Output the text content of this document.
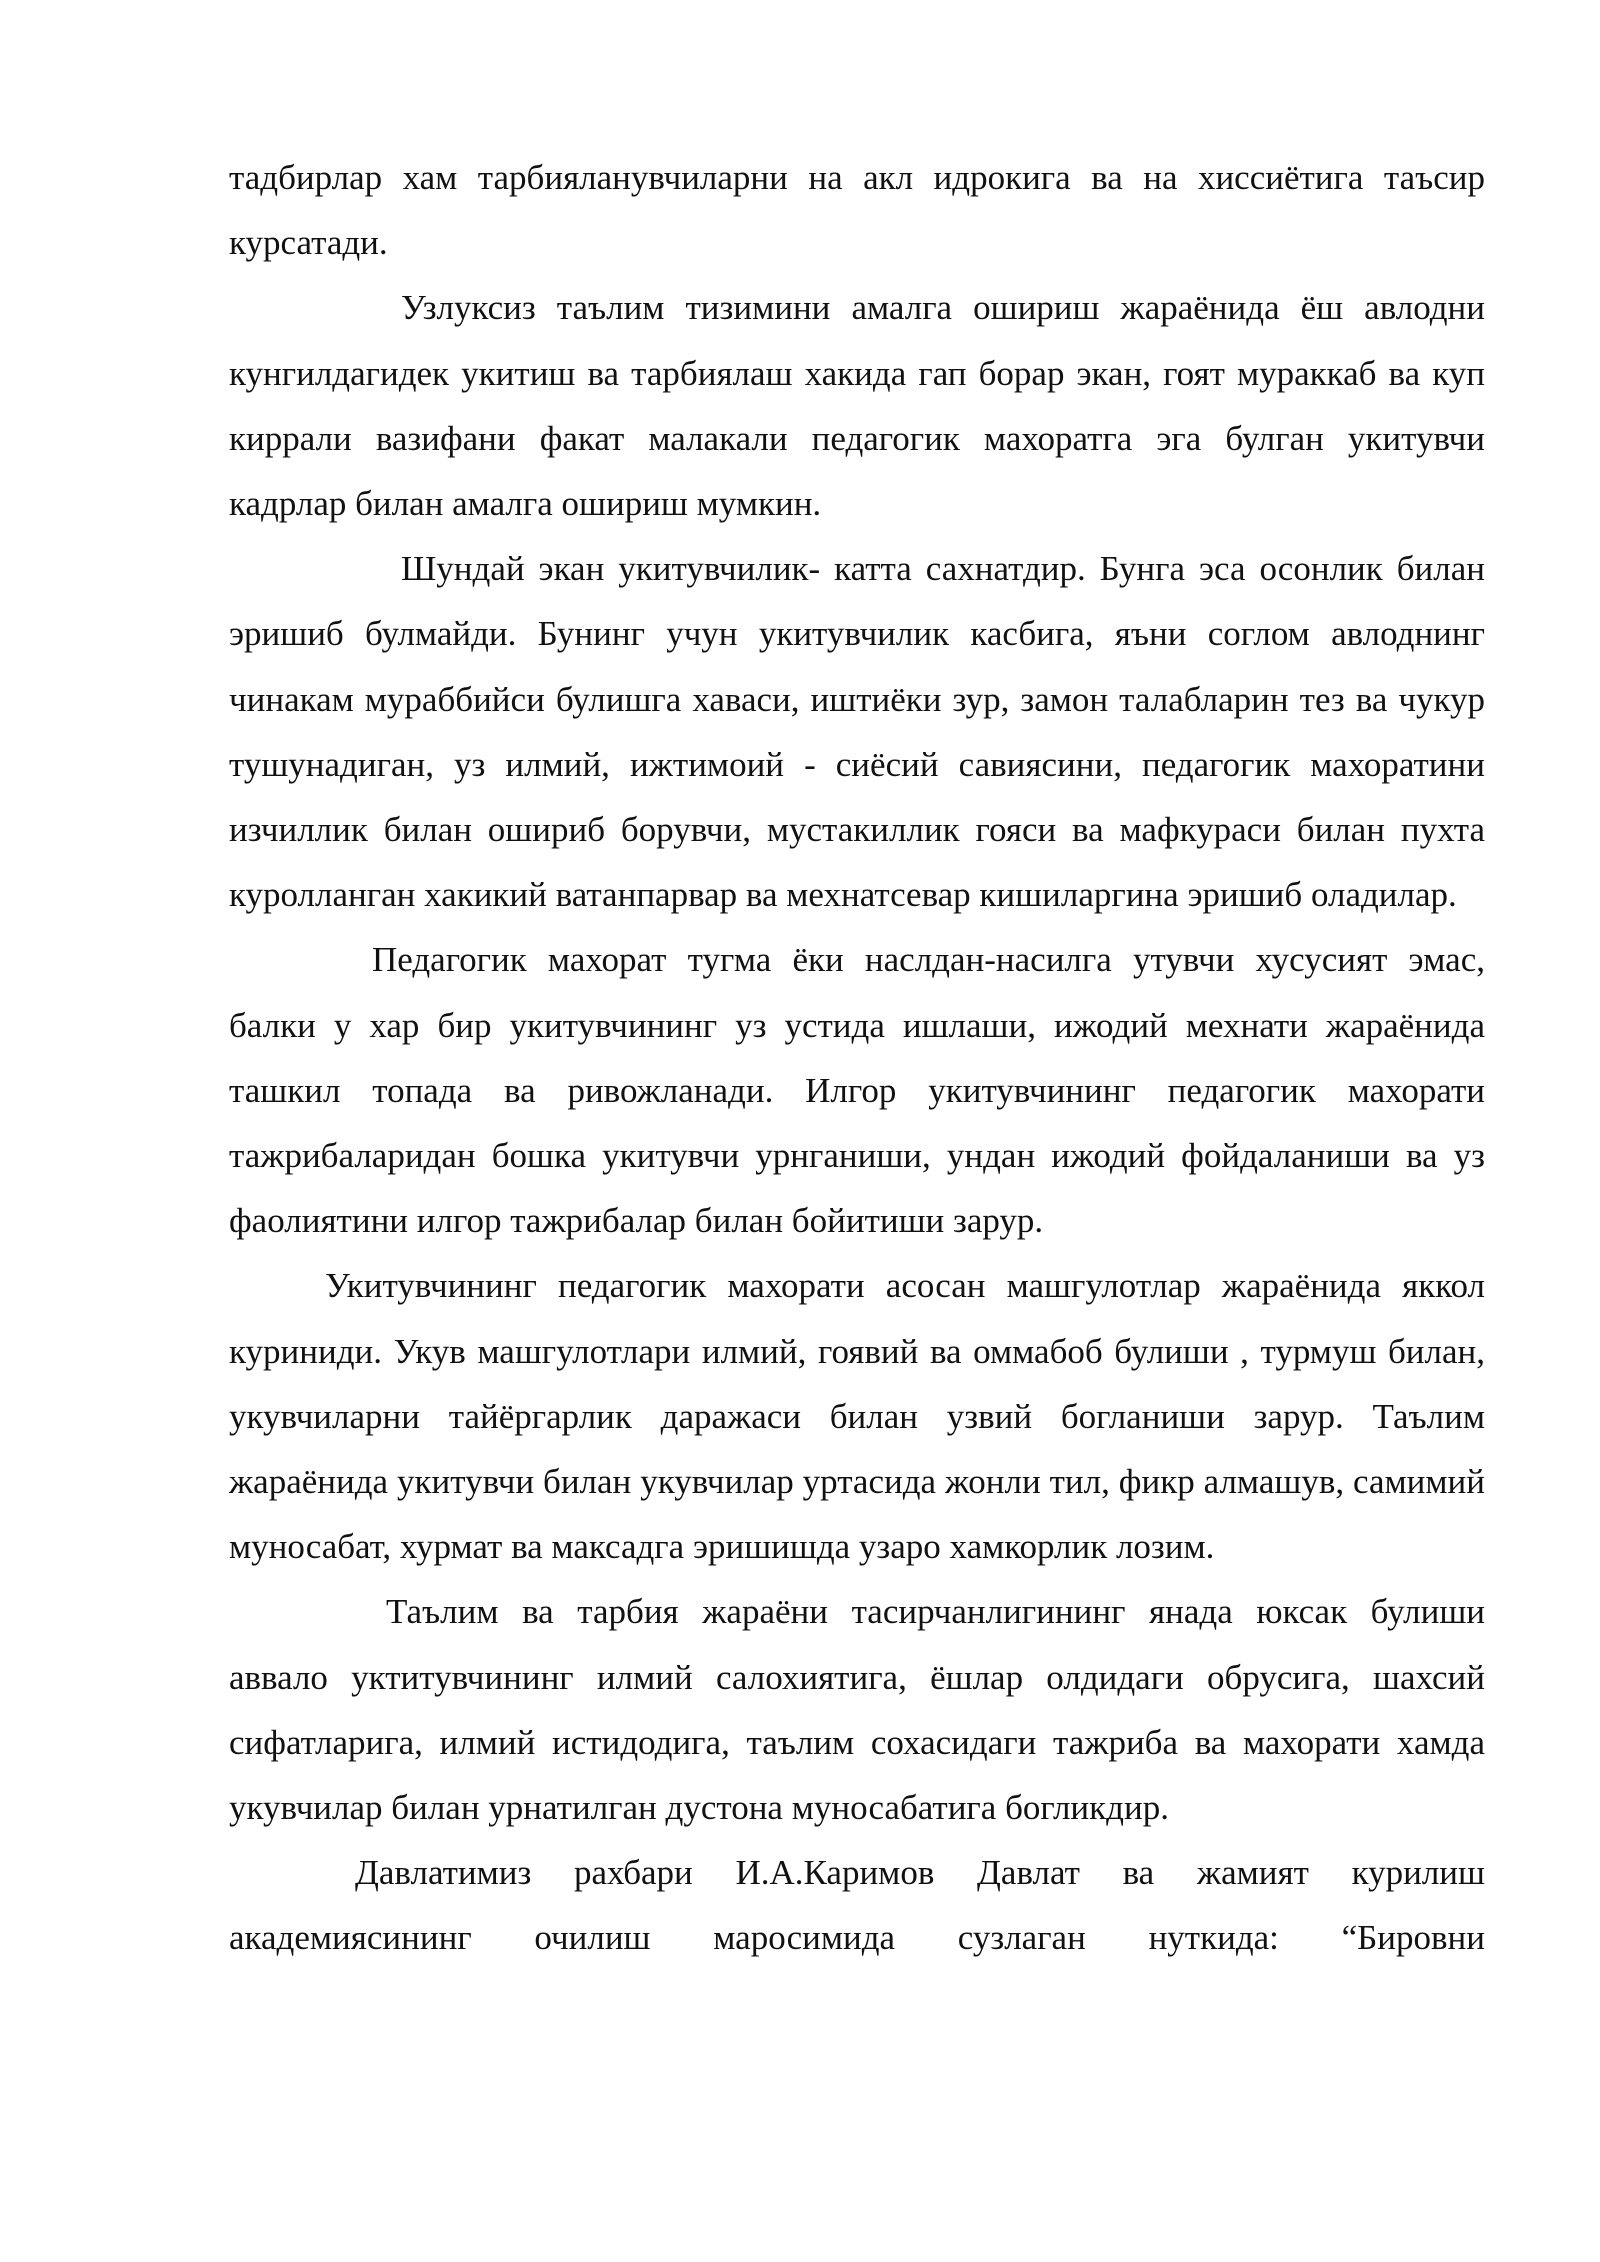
тадбирлар хам тарбияланувчиларни на акл идрокига ва на хиссиётига таъсир курсатади.

Узлуксиз таълим тизимини амалга ошириш жараёнида ёш авлодни кунгилдагидек укитиш ва тарбиялаш хакида гап борар экан, гоят мураккаб ва куп киррали вазифани факат малакали педагогик махоратга эга булган укитувчи кадрлар билан амалга ошириш мумкин.

Шундай экан укитувчилик- катта сахнатдир. Бунга эса осонлик билан эришиб булмайди. Бунинг учун укитувчилик касбига, яъни соглом авлоднинг чинакам мураббийси булишга хаваси, иштиёки зур, замон талабларин тез ва чукур тушунадиган, уз илмий, ижтимоий - сиёсий савиясини, педагогик махоратини изчиллик билан ошириб борувчи, мустакиллик гояси ва мафкураси билан пухта куролланган хакикий ватанпарвар ва мехнатсевар кишиларгина эришиб оладилар.

Педагогик махорат тугма ёки наслдан-насилга утувчи хусусият эмас, балки у хар бир укитувчининг уз устида ишлаши, ижодий мехнати жараёнида ташкил топада ва ривожланади. Илгор укитувчининг педагогик махорати тажрибаларидан бошка укитувчи урнганиши, ундан ижодий фойдаланиши ва уз фаолиятини илгор тажрибалар билан бойитиши зарур.

Укитувчининг педагогик махорати асосан машгулотлар жараёнида яккол куриниди. Укув машгулотлари илмий, гоявий ва оммабоб булиши , турмуш билан, укувчиларни тайёргарлик даражаси билан узвий богланиши зарур. Таълим жараёнида укитувчи билан укувчилар уртасида жонли тил, фикр алмашув, самимий муносабат, хурмат ва максадга эришишда узаро хамкорлик лозим.

Таълим ва тарбия жараёни тасирчанлигининг янада юксак булиши аввало уктитувчининг илмий салохиятига, ёшлар олдидаги обрусига, шахсий сифатларига, илмий истидодига, таълим сохасидаги тажриба ва махорати хамда укувчилар билан урнатилган дустона муносабатига богликдир.

Давлатимиз рахбари И.А.Каримов Давлат ва жамият курилиш академиясининг очилиш маросимида сузлаган нуткида: “Бировни
